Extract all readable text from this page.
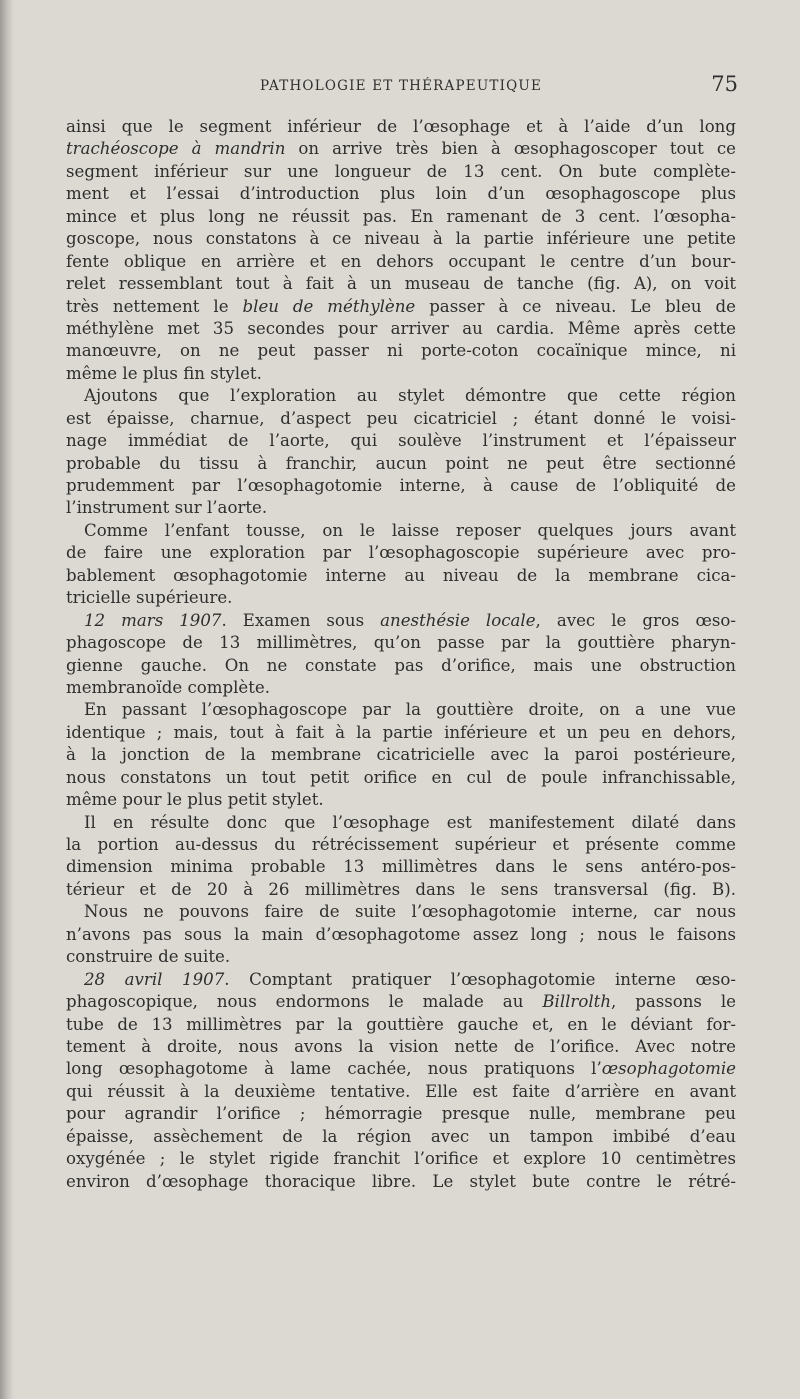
PATHOLOGIE ET THÉRAPEUTIQUE	75
ainsi que le segment inférieur de l’œsophage et à l’aide d’un long
trachéoscope à mandrin on arrive très bien à œsophagoscoper tout ce
segment inférieur sur une longueur de 13 cent. On bute complète-
ment et l’essai d’introduction plus loin d’un œsophagoscope plus
mince et plus long ne réussit pas. En ramenant de 3 cent. l’œsopha-
goscope, nous constatons à ce niveau à la partie inférieure une petite
fente oblique en arrière et en dehors occupant le centre d’un bour-
relet ressemblant tout à fait à un museau de tanche (fig. A), on voit
très nettement le bleu de méthylène passer à ce niveau. Le bleu de
méthylène met 35 secondes pour arriver au cardia. Même après cette
manœuvre, on ne peut passer ni porte-coton cocaïnique mince, ni
même le plus fin stylet.
Ajoutons que l’exploration au stylet démontre que cette région
est épaisse, charnue, d’aspect peu cicatriciel ; étant donné le voisi-
nage immédiat de l’aorte, qui soulève l’instrument et l’épaisseur
probable du tissu à franchir, aucun point ne peut être sectionné
prudemment par l’œsophagotomie interne, à cause de l’obliquité de
l’instrument sur l’aorte.
Comme l’enfant tousse, on le laisse reposer quelques jours avant
de faire une exploration par l’œsophagoscopie supérieure avec pro-
bablement œsophagotomie interne au niveau de la membrane cica-
tricielle supérieure.
12 mars 1907. Examen sous anesthésie locale, avec le gros œso-
phagoscope de 13 millimètres, qu’on passe par la gouttière pharyn-
gienne gauche. On ne constate pas d’orifice, mais une obstruction
membranoïde complète.
En passant l’œsophagoscope par la gouttière droite, on a une vue
identique ; mais, tout à fait à la partie inférieure et un peu en dehors,
à la jonction de la membrane cicatricielle avec la paroi postérieure,
nous constatons un tout petit orifice en cul de poule infranchissable,
même pour le plus petit stylet.
Il en résulte donc que l’œsophage est manifestement dilaté dans
la portion au-dessus du rétrécissement supérieur et présente comme
dimension minima probable 13 millimètres dans le sens antéro-pos-
térieur et de 20 à 26 millimètres dans le sens transversal (fig. B).
Nous ne pouvons faire de suite l’œsophagotomie interne, car nous
n’avons pas sous la main d’œsophagotome assez long ; nous le faisons
construire de suite.
28 avril 1907. Comptant pratiquer l’œsophagotomie interne œso-
phagoscopique, nous endormons le malade au Billrolth, passons le
tube de 13 millimètres par la gouttière gauche et, en le déviant for-
tement à droite, nous avons la vision nette de l’orifice. Avec notre
long œsophagotome à lame cachée, nous pratiquons l’œsophagotomie
qui réussit à la deuxième tentative. Elle est faite d’arrière en avant
pour agrandir l’orifice ; hémorragie presque nulle, membrane peu
épaisse, assèchement de la région avec un tampon imbibé d’eau
oxygénée ; le stylet rigide franchit l’orifice et explore 10 centimètres
environ d’œsophage thoracique libre. Le stylet bute contre le rétré-
